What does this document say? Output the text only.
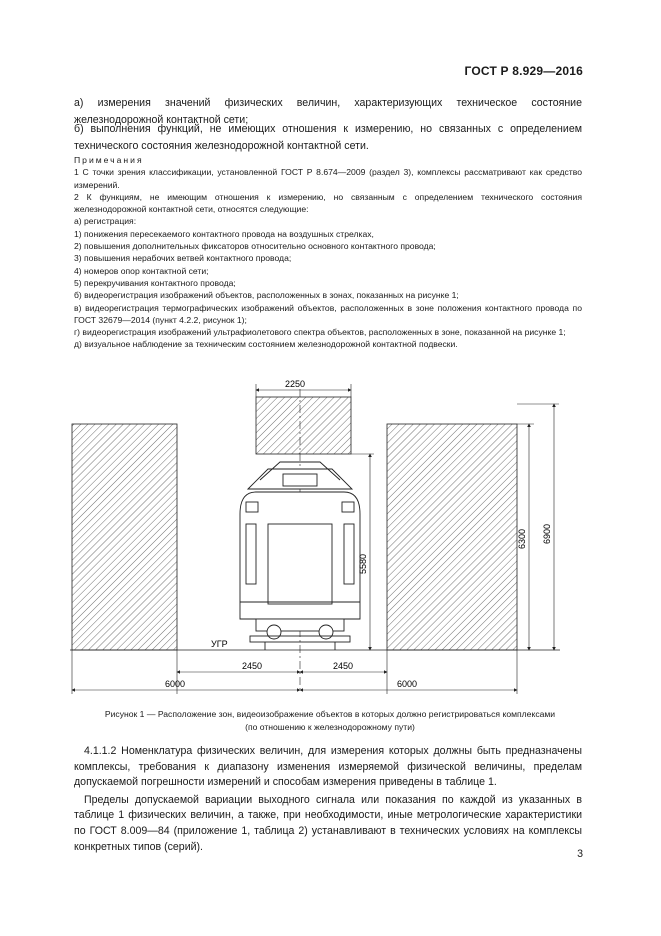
ГОСТ Р 8.929—2016
а) измерения значений физических величин, характеризующих техническое состояние железнодорожной контактной сети;
б) выполнения функций, не имеющих отношения к измерению, но связанных с определением технического состояния железнодорожной контактной сети.

Примечания

1 С точки зрения классификации, установленной ГОСТ Р 8.674—2009 (раздел 3), комплексы рассматривают как средство измерений.

2 К функциям, не имеющим отношения к измерению, но связанным с определением технического состояния железнодорожной контактной сети, относятся следующие:

а) регистрация:

1) понижения пересекаемого контактного провода на воздушных стрелках,

2) повышения дополнительных фиксаторов относительно основного контактного провода;

3) повышения нерабочих ветвей контактного провода;

4) номеров опор контактной сети;

5) перекручивания контактного провода;

б) видеорегистрация изображений объектов, расположенных в зонах, показанных на рисунке 1;

в) видеорегистрация термографических изображений объектов, расположенных в зоне положения контактного провода по ГОСТ 32679—2014 (пункт 4.2.2, рисунок 1);

г) видеорегистрация изображений ультрафиолетового спектра объектов, расположенных в зоне, показанной на рисунке 1;

д) визуальное наблюдение за техническим состоянием железнодорожной контактной подвески.

2250
5580
6300 6900
УГР
2450	2450
6000	6000
Рисунок 1 — Расположение зон, видеоизображение объектов в которых должно регистрироваться комплексами
(по отношению к железнодорожному пути)

4.1.1.2 Номенклатура физических величин, для измерения которых должны быть предназначены комплексы, требования к диапазону изменения измеряемой физической величины, пределам допускаемой погрешности измерений и способам измерения приведены в таблице 1.

Пределы допускаемой вариации выходного сигнала или показания по каждой из указанных в таблице 1 физических величин, а также, при необходимости, иные метрологические характеристики по ГОСТ 8.009—84 (приложение 1, таблица 2) устанавливают в технических условиях на комплексы конкретных типов (серий).

3
